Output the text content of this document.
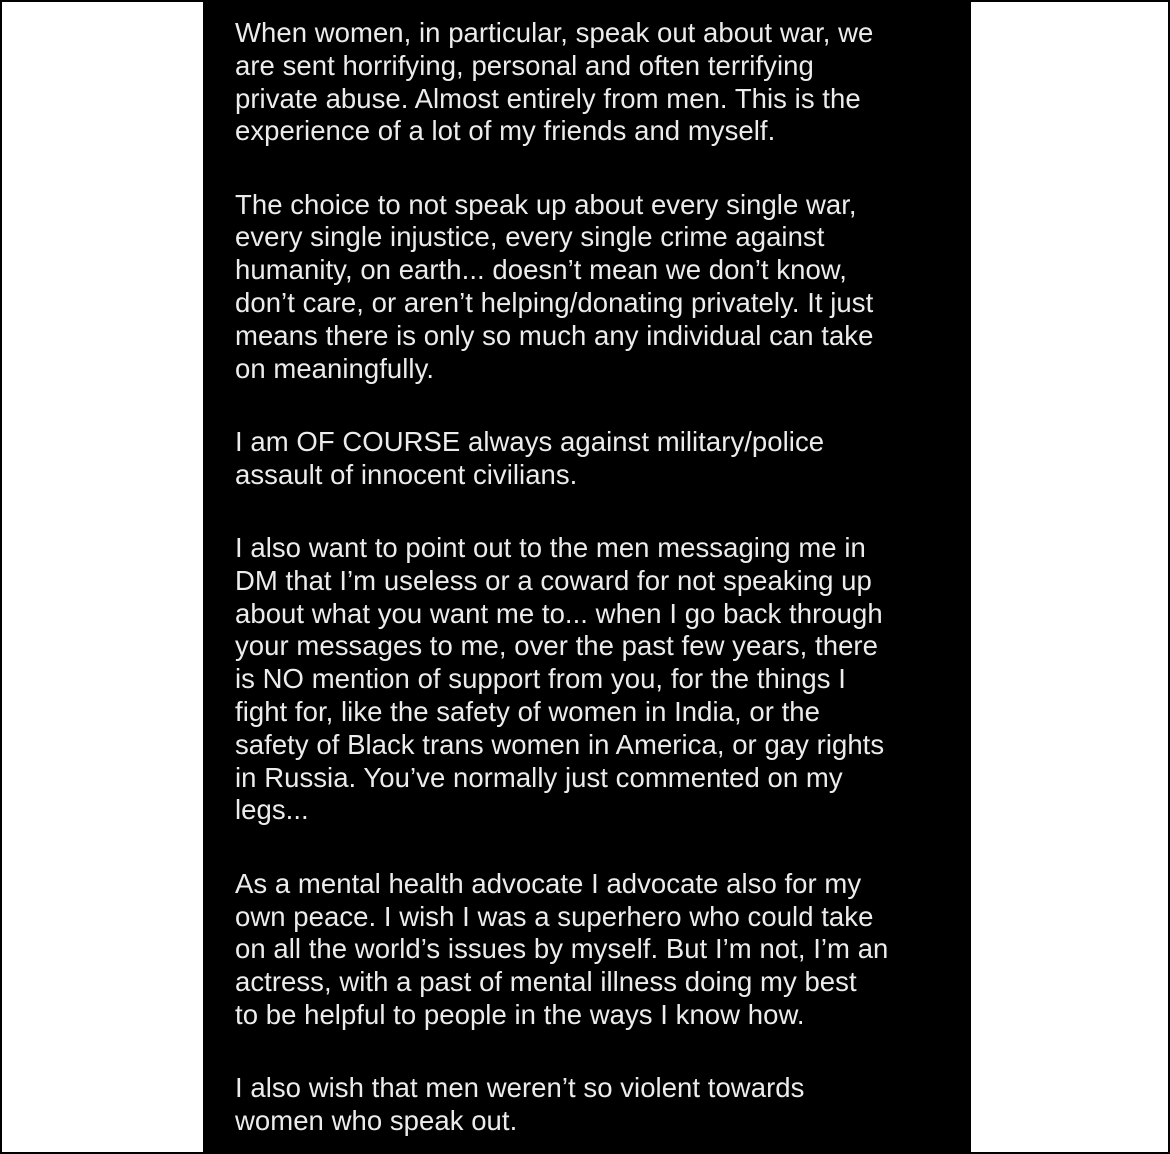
When women, in particular, speak out about war, we
are sent horrifying, personal and often terrifying
private abuse. Almost entirely from men. This is the
experience of a lot of my friends and myself.

The choice to not speak up about every single war,
every single injustice, every single crime against
humanity, on earth... doesn’t mean we don’t know,
don’t care, or aren’t helping/donating privately. It just
means there is only so much any individual can take
on meaningfully.

I am OF COURSE always against military/police
assault of innocent civilians.

I also want to point out to the men messaging me in
DM that I’m useless or a coward for not speaking up
about what you want me to... when I go back through
your messages to me, over the past few years, there
is NO mention of support from you, for the things I
fight for, like the safety of women in India, or the
safety of Black trans women in America, or gay rights
in Russia. You’ve normally just commented on my
legs...

As a mental health advocate I advocate also for my
own peace. I wish I was a superhero who could take
on all the world’s issues by myself. But I’m not, I’m an
actress, with a past of mental illness doing my best
to be helpful to people in the ways I know how.

I also wish that men weren’t so violent towards
women who speak out.
